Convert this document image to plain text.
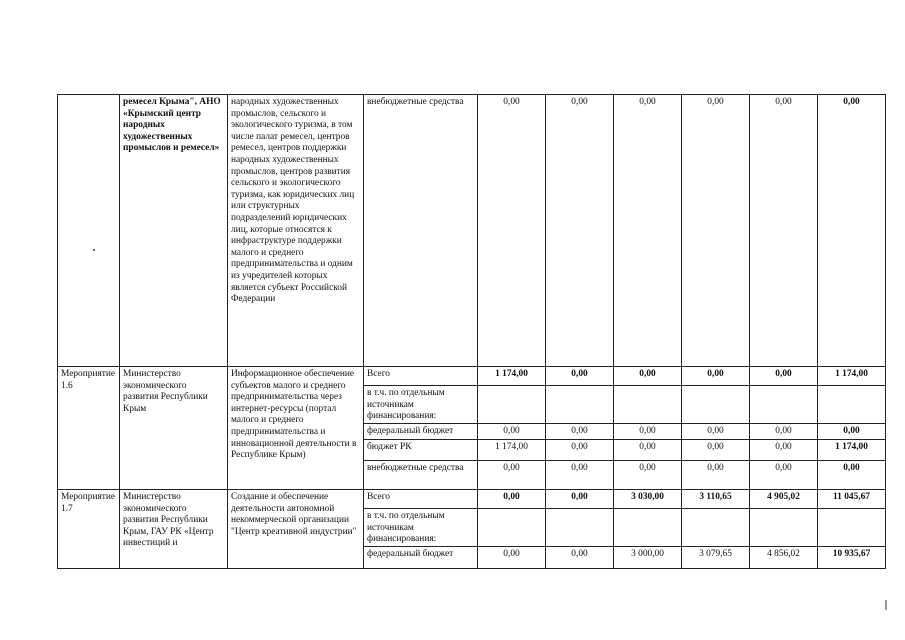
	ремесел Крыма", АНО «Крымский центр народных художественных промыслов и ремесел»	народных художественных промыслов, сельского и экологического туризма, в том числе палат ремесел, центров ремесел, центров поддержки народных художественных промыслов, центров развития сельского и экологического туризма, как юридических лиц или структурных подразделений юридических лиц, которые относятся к инфраструктуре поддержки малого и среднего предпринимательства и одним из учредителей которых является субъект Российской Федерации	внебюджетные средства	0,00	0,00	0,00	0,00	0,00	0,00
Мероприятие 1.6	Министерство экономического развития Республики Крым	Информационное обеспечение субъектов малого и среднего предпринимательства через интернет-ресурсы (портал малого и среднего предпринимательства и инновационной деятельности в Республике Крым)	Всего	1 174,00	0,00	0,00	0,00	0,00	1 174,00
			в т.ч. по отдельным источникам финансирования:						
			федеральный бюджет	0,00	0,00	0,00	0,00	0,00	0,00
			бюджет РК	1 174,00	0,00	0,00	0,00	0,00	1 174,00
			внебюджетные средства	0,00	0,00	0,00	0,00	0,00	0,00
Мероприятие 1.7	Министерство экономического развития Республики Крым, ГАУ РК «Центр инвестиций и	Создание и обеспечение деятельности автономной некоммерческой организации "Центр креативной индустрии"	Всего	0,00	0,00	3 030,00	3 110,65	4 905,02	11 045,67
			в т.ч. по отдельным источникам финансирования:						
			федеральный бюджет	0,00	0,00	3 000,00	3 079,65	4 856,02	10 935,67
